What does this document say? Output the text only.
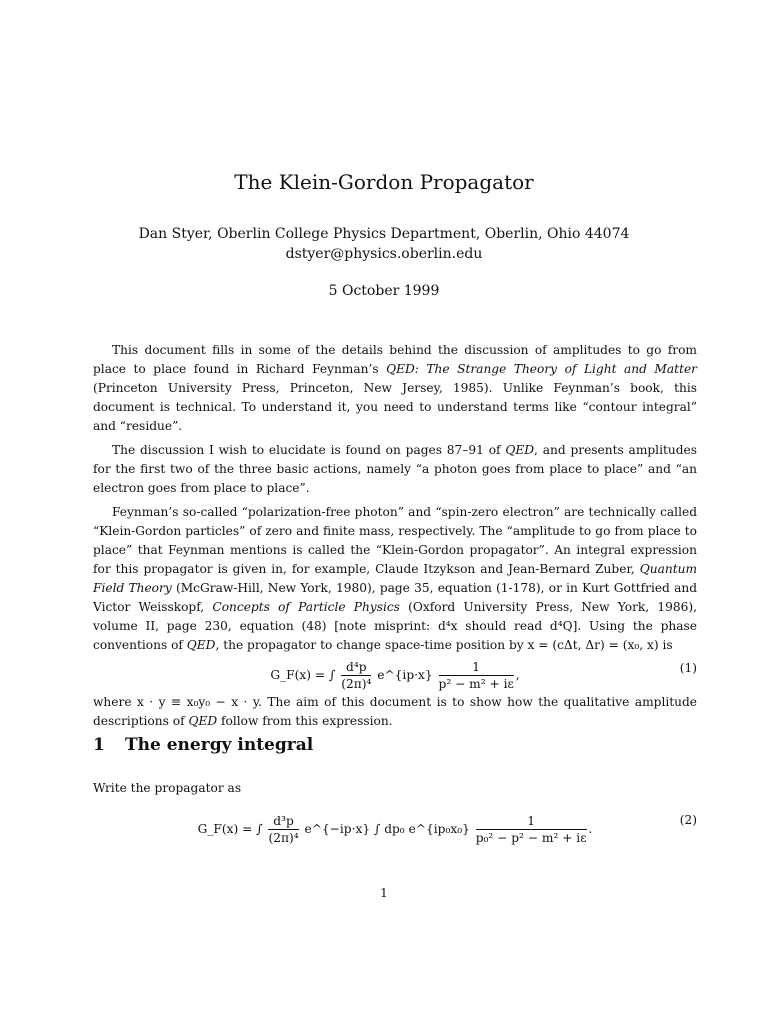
The Klein-Gordon Propagator
Dan Styer, Oberlin College Physics Department, Oberlin, Ohio 44074
dstyer@physics.oberlin.edu
5 October 1999

This document fills in some of the details behind the discussion of amplitudes to go from place to place found in Richard Feynman’s QED: The Strange Theory of Light and Matter (Princeton University Press, Princeton, New Jersey, 1985). Unlike Feynman’s book, this document is technical. To understand it, you need to understand terms like “contour integral” and “residue”.

The discussion I wish to elucidate is found on pages 87–91 of QED, and presents amplitudes for the first two of the three basic actions, namely “a photon goes from place to place” and “an electron goes from place to place”.

Feynman’s so-called “polarization-free photon” and “spin-zero electron” are technically called “Klein-Gordon particles” of zero and finite mass, respectively. The “amplitude to go from place to place” that Feynman mentions is called the “Klein-Gordon propagator”. An integral expression for this propagator is given in, for example, Claude Itzykson and Jean-Bernard Zuber, Quantum Field Theory (McGraw-Hill, New York, 1980), page 35, equation (1-178), or in Kurt Gottfried and Victor Weisskopf, Concepts of Particle Physics (Oxford University Press, New York, 1986), volume II, page 230, equation (48) [note misprint: d⁴x should read d⁴Q]. Using the phase conventions of QED, the propagator to change space-time position by x = (cΔt, Δr) = (x₀, x) is

G_F(x) = ∫ $\frac{\text{d⁴p}}{\text{(2π)⁴}}$ e^{ip·x} $\frac{1}{\text{p² − m² + iε}}$ ,	(1)

where x · y ≡ x₀y₀ − x · y. The aim of this document is to show how the qualitative amplitude descriptions of QED follow from this expression.

1 The energy integral
Write the propagator as
G_F(x) = ∫ $\frac{\text{d³p}}{\text{(2π)⁴}}$ e^{−ip·x} ∫ dp₀ e^{ip₀x₀} $\frac{1}{\text{p₀² − p² − m² + iε}}$ .
(2)
1
